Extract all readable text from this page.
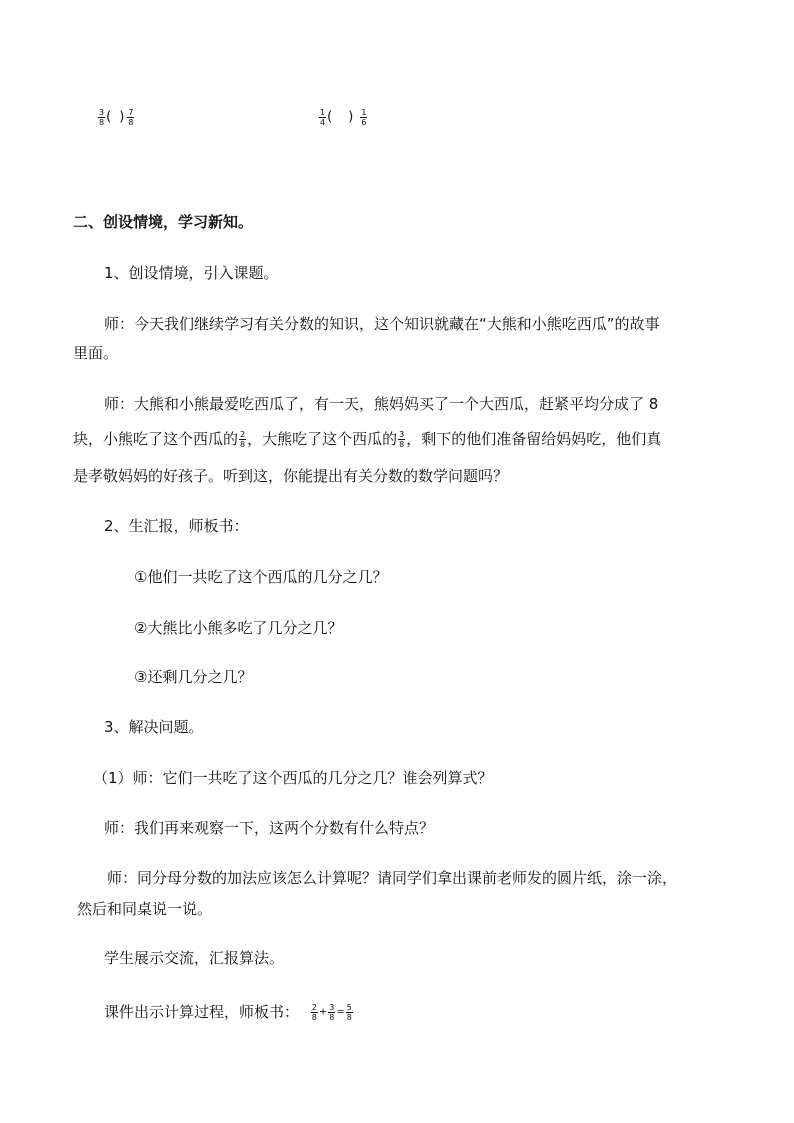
$\frac{3}{8}$ ( ) $\frac{7}{8}$	$\frac{1}{4}$ ( ) $\frac{1}{6}$
二、创设情境，学习新知。
1、创设情境，引入课题。
师：今天我们继续学习有关分数的知识，这个知识就藏在“大熊和小熊吃西瓜”的故事
里面。
师：大熊和小熊最爱吃西瓜了，有一天，熊妈妈买了一个大西瓜，赶紧平均分成了 8
块，小熊吃了这个西瓜的 $\frac{2}{8}$ ，大熊吃了这个西瓜的 $\frac{3}{8}$ ，剩下的他们准备留给妈妈吃，他们真
是孝敬妈妈的好孩子。听到这，你能提出有关分数的数学问题吗？
2、生汇报，师板书：
①他们一共吃了这个西瓜的几分之几？
②大熊比小熊多吃了几分之几？
③还剩几分之几？
3、解决问题。
（1）师：它们一共吃了这个西瓜的几分之几？谁会列算式？
师：我们再来观察一下，这两个分数有什么特点？
师：同分母分数的加法应该怎么计算呢？请同学们拿出课前老师发的圆片纸，涂一涂，
然后和同桌说一说。
学生展示交流，汇报算法。
课件出示计算过程，师板书： $\frac{2}{8} + \frac{3}{8} = \frac{5}{8}$
